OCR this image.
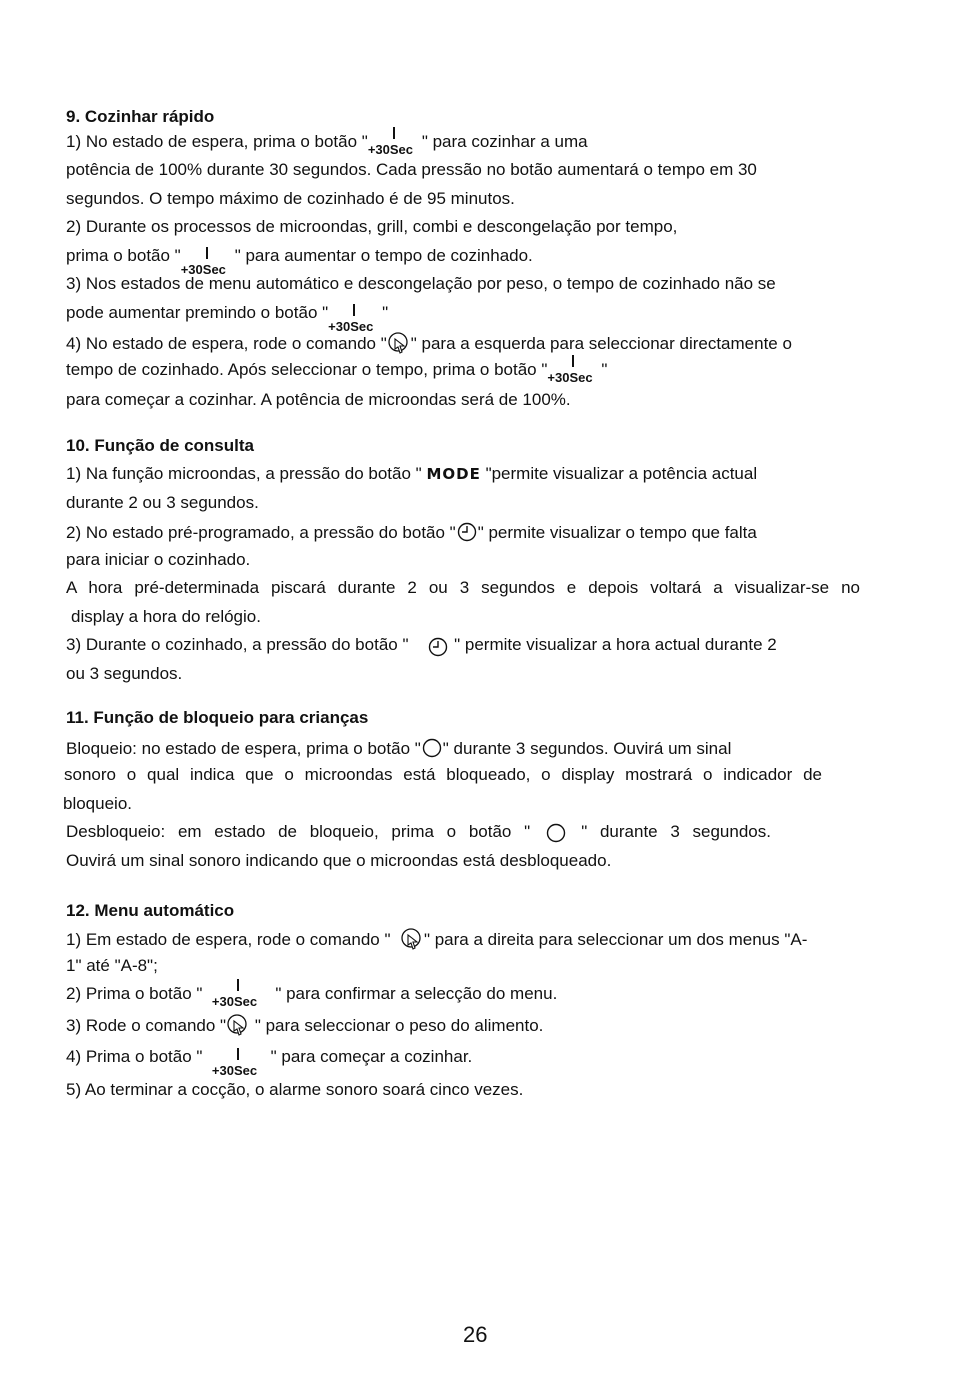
9. Cozinhar rápido
1) No estado de espera, prima o botão " +30Sec " para cozinhar a uma
potência de 100% durante 30 segundos. Cada pressão no botão aumentará o tempo em 30
segundos. O tempo máximo de cozinhado é de 95 minutos.
2) Durante os processos de microondas, grill, combi e descongelação por tempo,
prima o botão "
+30Sec
" para aumentar o tempo de cozinhado.
3) Nos estados de menu automático e descongelação por peso, o tempo de cozinhado não se
pode aumentar premindo o botão "
+30Sec
"
4) No estado de espera, rode o comando " " para a esquerda para seleccionar directamente o
tempo de cozinhado. Após seleccionar o tempo, prima o botão " +30Sec "
para começar a cozinhar. A potência de microondas será de 100%.
10. Função de consulta
1) Na função microondas, a pressão do botão " MODE "permite visualizar a potência actual
durante 2 ou 3 segundos.
2) No estado pré-programado, a pressão do botão " " permite visualizar o tempo que falta
para iniciar o cozinhado.
A hora pré-determinada piscará durante 2 ou 3 segundos e depois voltará a visualizar-se no
display a hora do relógio.
3) Durante o cozinhado, a pressão do botão "	" permite visualizar a hora actual durante 2
ou 3 segundos.
11. Função de bloqueio para crianças
Bloqueio: no estado de espera, prima o botão " " durante 3 segundos. Ouvirá um sinal
sonoro o qual indica que o microondas está bloqueado, o display mostrará o indicador de
bloqueio.
Desbloqueio: em estado de bloqueio, prima o botão "	" durante 3 segundos.
Ouvirá um sinal sonoro indicando que o microondas está desbloqueado.
12. Menu automático
1) Em estado de espera, rode o comando " " para a direita para seleccionar um dos menus "A-
1" até "A-8";
2) Prima o botão " +30Sec " para confirmar a selecção do menu.
3) Rode o comando " " para seleccionar o peso do alimento.
4) Prima o botão "
+30Sec
" para começar a cozinhar.
5) Ao terminar a cocção, o alarme sonoro soará cinco vezes.
26
